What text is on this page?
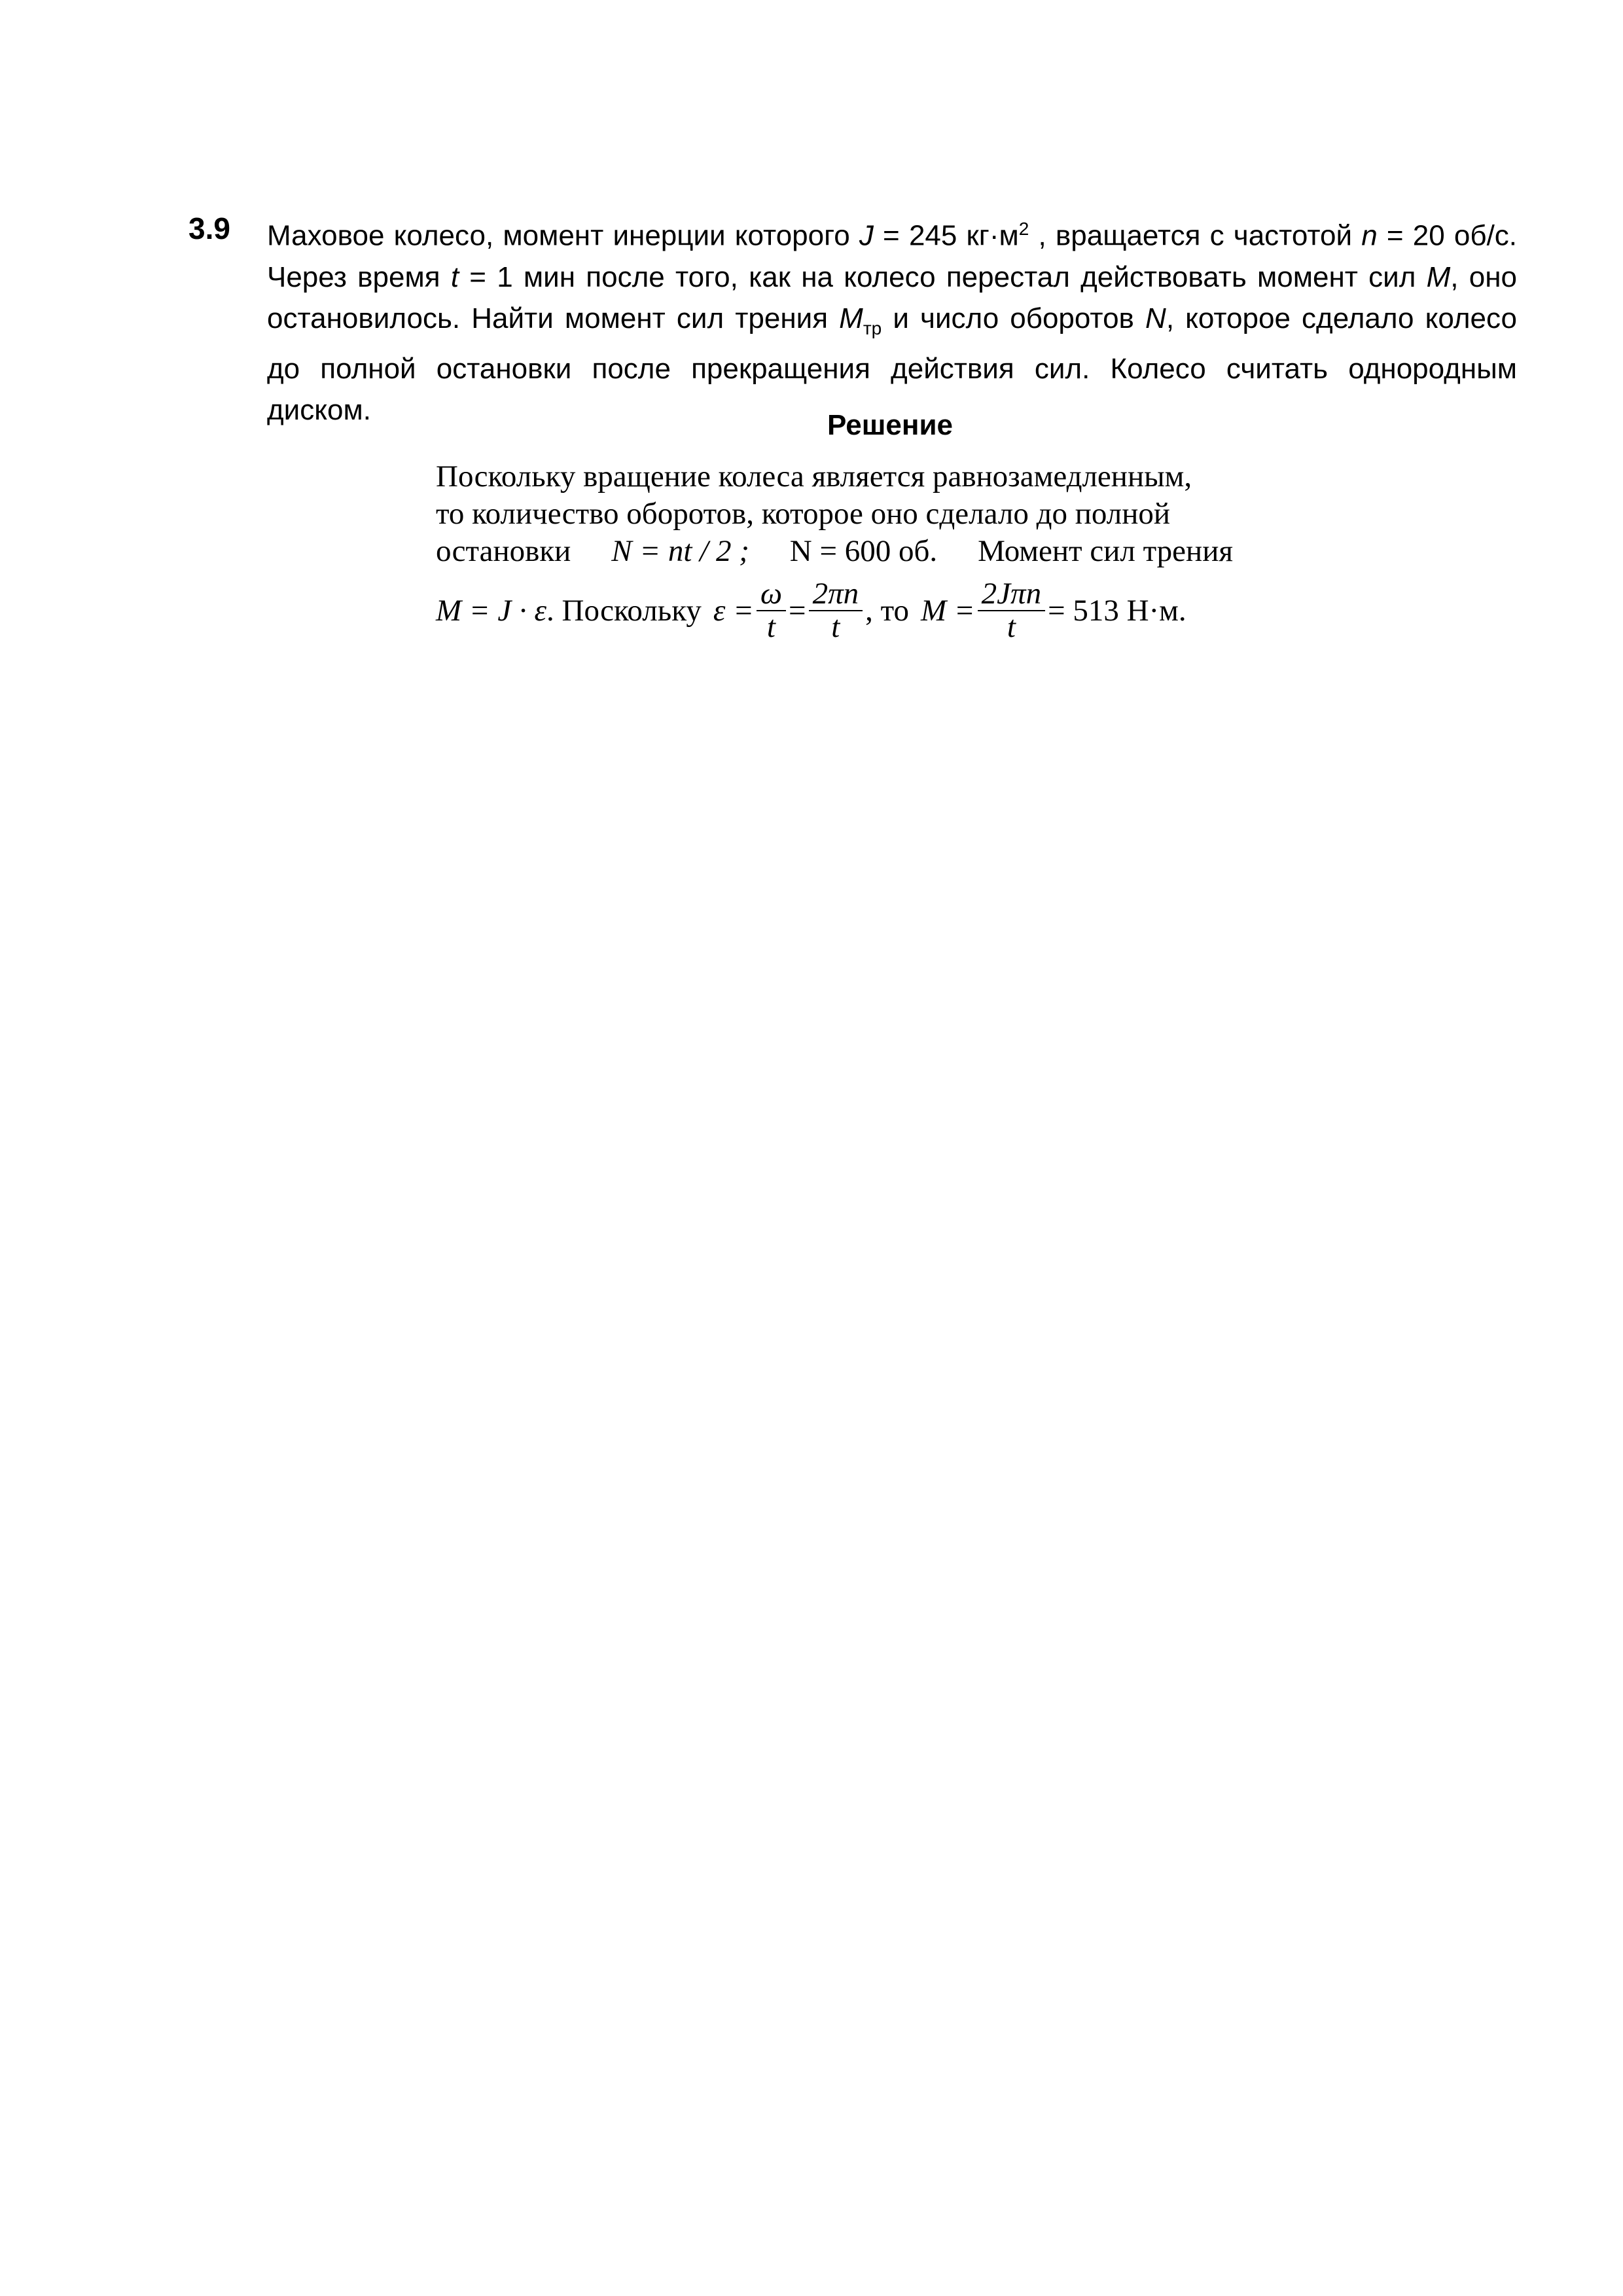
3.9 Маховое колесо, момент инерции которого J = 245 $кг\cdot м^2$ , вращается с частотой n = 20 об/с. Через время t = 1 мин после того, как на колесо перестал действовать момент сил M, оно остановилось. Найти момент сил трения $M_{тр}$ и число оборотов N, которое сделало колесо до полной остановки после прекращения действия сил. Колесо считать однородным диском.	Решение
Поскольку вращение колеса является равнозамедленным,
то количество оборотов, которое оно сделало до полной
остановки N = nt / 2 ; N = 600 об. Момент сил трения
M = J · ε . Поскольку $\varepsilon = \frac{\omega}{t} = \frac{2\pi n}{t}$ , то $M = \frac{\text{2Jπn}}{t} = 513$ Н·м.
